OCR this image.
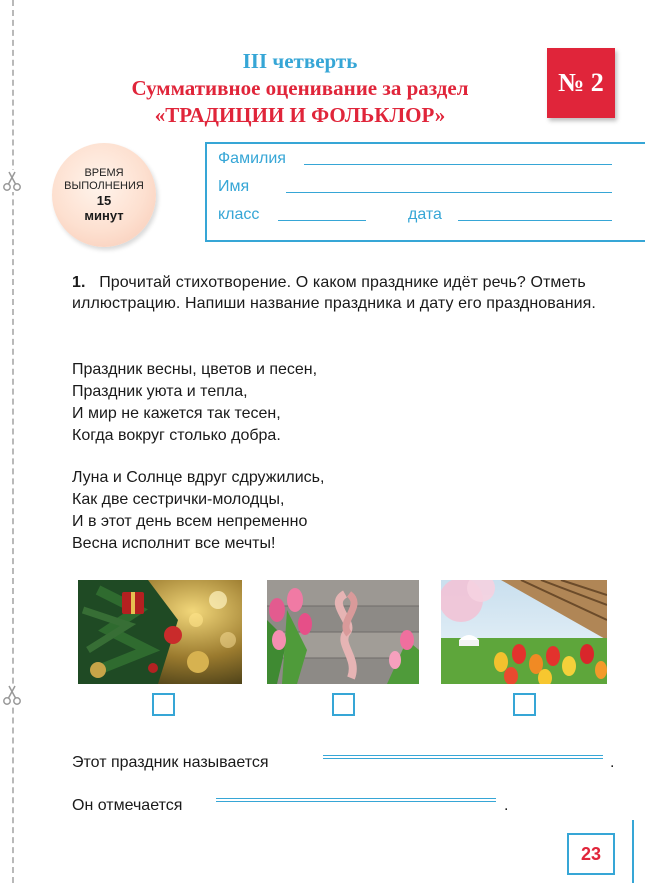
III четверть
Суммативное оценивание за раздел
«ТРАДИЦИИ И ФОЛЬКЛОР»
№ 2
ВРЕМЯ
ВЫПОЛНЕНИЯ
15
минут
Фамилия
Имя
класс	дата
1. Прочитай стихотворение. О каком празднике идёт речь? Отметь иллюстрацию. Напиши название праздника и дату его празднования.
Праздник весны, цветов и песен,
Праздник уюта и тепла,
И мир не кажется так тесен,
Когда вокруг столько добра.
Луна и Солнце вдруг сдружились,
Как две сестрички-молодцы,
И в этот день всем непременно
Весна исполнит все мечты!
Этот праздник называется	.
Он отмечается	.
23
